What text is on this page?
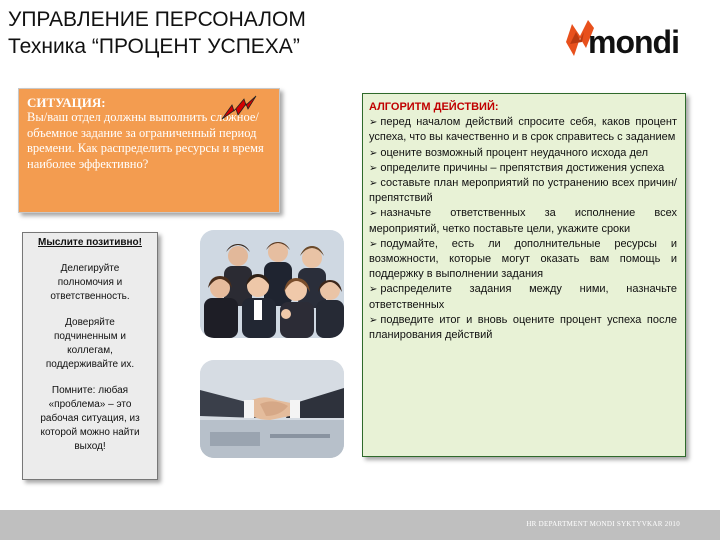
УПРАВЛЕНИЕ ПЕРСОНАЛОМ
Техника “ПРОЦЕНТ УСПЕХА”	mondi
СИТУАЦИЯ:
Вы/ваш отдел должны выполнить сложное/объемное задание за ограниченный период времени. Как распределить ресурсы и время наиболее эффективно?
Мыслите позитивно!

Делегируйте полномочия и ответственность.

Доверяйте подчиненным и коллегам, поддерживайте их.

Помните: любая «проблема» – это рабочая ситуация, из которой можно найти выход!

АЛГОРИТМ ДЕЙСТВИЙ:
➢ перед началом действий спросите себя, каков процент успеха, что вы качественно и в срок справитесь с заданием
➢ оцените возможный процент неудачного исхода дел
➢ определите причины – препятствия достижения успеха
➢ составьте план мероприятий по устранению всех причин/препятствий
➢ назначьте ответственных за исполнение всех мероприятий, четко поставьте цели, укажите сроки
➢ подумайте, есть ли дополнительные ресурсы и возможности, которые могут оказать вам помощь и поддержку в выполнении задания
➢ распределите задания между ними, назначьте ответственных
➢ подведите итог и вновь оцените процент успеха после планирования действий
HR DEPARTMENT MONDI SYKTYVKAR 2010
